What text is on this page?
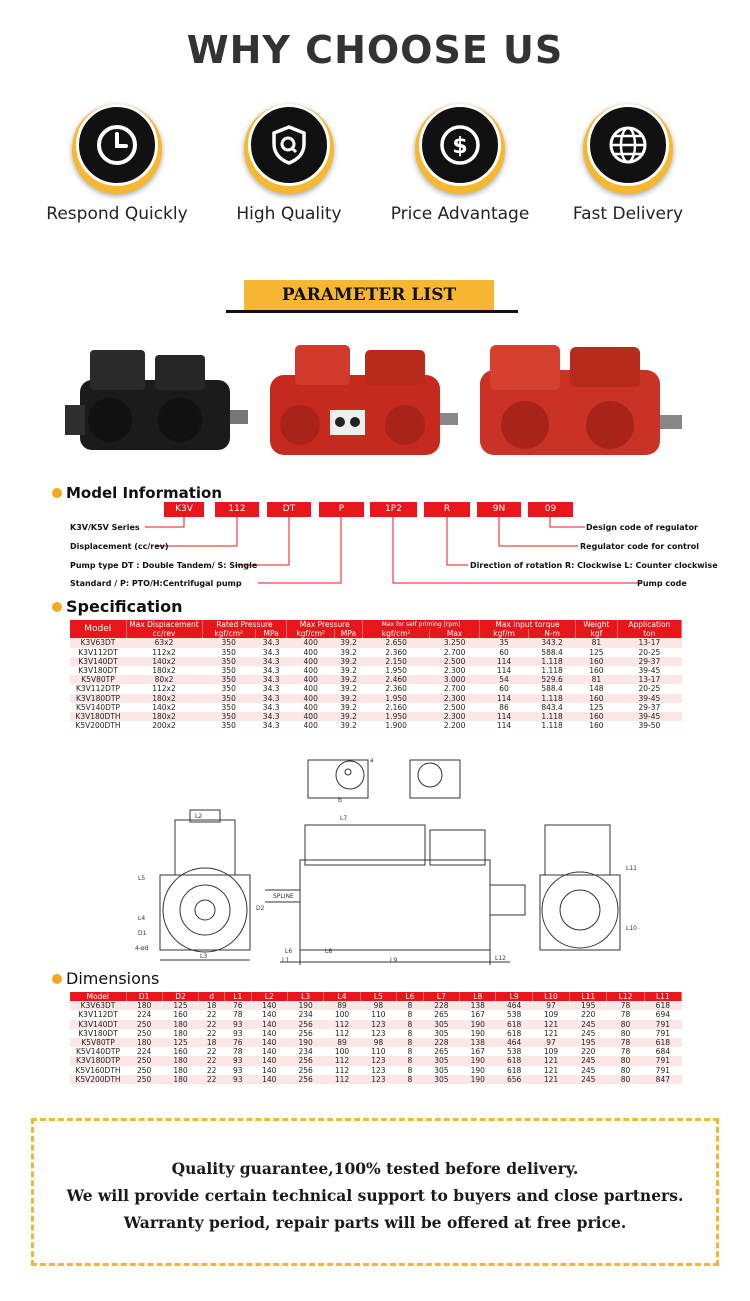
WHY CHOOSE US
Respond Quickly	High Quality
$
Price Advantage	Fast Delivery
PARAMETER LIST
Model Information
K3V	112	DT	P	1P2	R	9N	09
K3V/K5V Series
Displacement (cc/rev)
Pump type DT : Double Tandem/ S: Single
Standard / P: PTO/H:Centrifugal pump
Design code of regulator
Regulator code for control
Direction of rotation R: Clockwise L: Counter clockwise
Pump code
Specification
Model	Max Displacement	Rated Pressure		Max Pressure		Max for self priming [rpm]		Max input torque		Weight	Application
	cc/rev	kgf/cm²	MPa	kgf/cm²	MPa	kgf/cm²	Max	kgf/m	N-m	kgf	ton
K3V63DT	63x2	350	34.3	400	39.2	2.650	3.250	35	343.2	81	13-17
K3V112DT	112x2	350	34.3	400	39.2	2.360	2.700	60	588.4	125	20-25
K3V140DT	140x2	350	34.3	400	39.2	2.150	2.500	114	1.118	160	29-37
K3V180DT	180x2	350	34.3	400	39.2	1.950	2.300	114	1.118	160	39-45
K5V80TP	80x2	350	34.3	400	39.2	2.460	3.000	54	529.6	81	13-17
K3V112DTP	112x2	350	34.3	400	39.2	2.360	2.700	60	588.4	148	20-25
K3V180DTP	180x2	350	34.3	400	39.2	1.950	2.300	114	1.118	160	39-45
K5V140DTP	140x2	350	34.3	400	39.2	2.160	2.500	86	843.4	125	29-37
K3V180DTH	180x2	350	34.3	400	39.2	1.950	2.300	114	1.118	160	39-45
K5V200DTH	200x2	350	34.3	400	39.2	1.900	2.200	114	1.118	160	39-50
L2	L7
SPLINE
D2
L6	L8
L1
L3
L9	L12
D1
L4
L5
L10
L11
4-ød
b
a
Dimensions
Model	D1	D2	d	L1	L2	L3	L4	L5	L6	L7	L8	L9	L10	L11	L12	L11
K3V63DT	180	125	18	76	140	190	89	98	8	228	138	464	97	195	78	618
K3V112DT	224	160	22	78	140	234	100	110	8	265	167	538	109	220	78	694
K3V140DT	250	180	22	93	140	256	112	123	8	305	190	618	121	245	80	791
K3V180DT	250	180	22	93	140	256	112	123	8	305	190	618	121	245	80	791
K5V80TP	180	125	18	76	140	190	89	98	8	228	138	464	97	195	78	618
K5V140DTP	224	160	22	78	140	234	100	110	8	265	167	538	109	220	78	684
K3V180DTP	250	180	22	93	140	256	112	123	8	305	190	618	121	245	80	791
K5V160DTH	250	180	22	93	140	256	112	123	8	305	190	618	121	245	80	791
K5V200DTH	250	180	22	93	140	256	112	123	8	305	190	656	121	245	80	847

Quality guarantee,100% tested before delivery.

We will provide certain technical support to buyers and close partners.

Warranty period, repair parts will be offered at free price.
